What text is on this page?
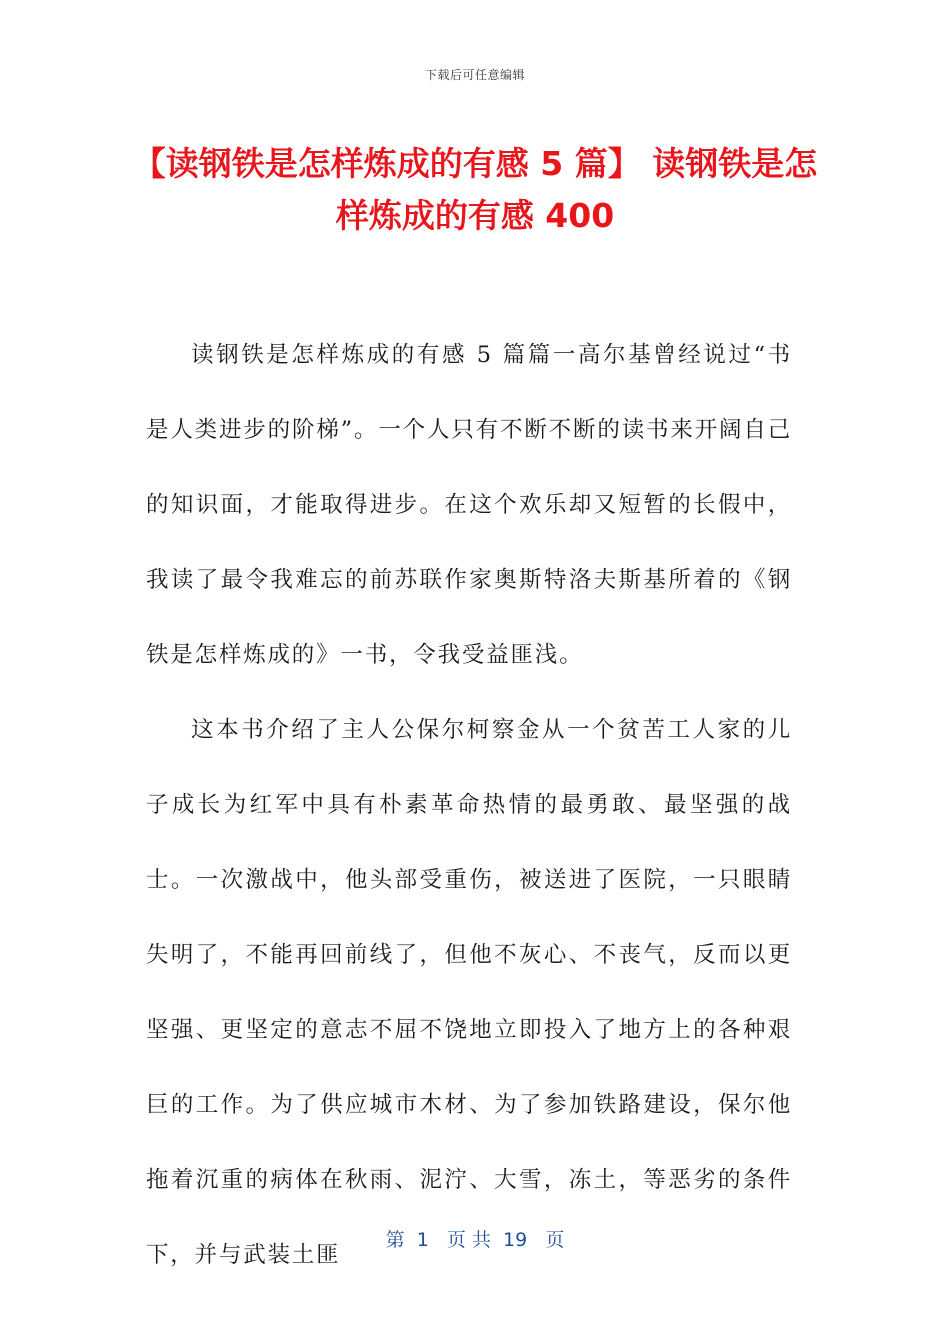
下载后可任意编辑
【读钢铁是怎样炼成的有感 5 篇】 读钢铁是怎样炼成的有感 400

读钢铁是怎样炼成的有感 5 篇篇一高尔基曾经说过“书是人类进步的阶梯”。一个人只有不断不断的读书来开阔自己的知识面，才能取得进步。在这个欢乐却又短暂的长假中，我读了最令我难忘的前苏联作家奥斯特洛夫斯基所着的《钢铁是怎样炼成的》一书，令我受益匪浅。

这本书介绍了主人公保尔柯察金从一个贫苦工人家的儿子成长为红军中具有朴素革命热情的最勇敢、最坚强的战士。一次激战中，他头部受重伤，被送进了医院，一只眼睛失明了，不能再回前线了，但他不灰心、不丧气，反而以更坚强、更坚定的意志不屈不饶地立即投入了地方上的各种艰巨的工作。为了供应城市木材、为了参加铁路建设，保尔他拖着沉重的病体在秋雨、泥泞、大雪，冻土，等恶劣的条件下，并与武装土匪

第  1   页 共  19   页
